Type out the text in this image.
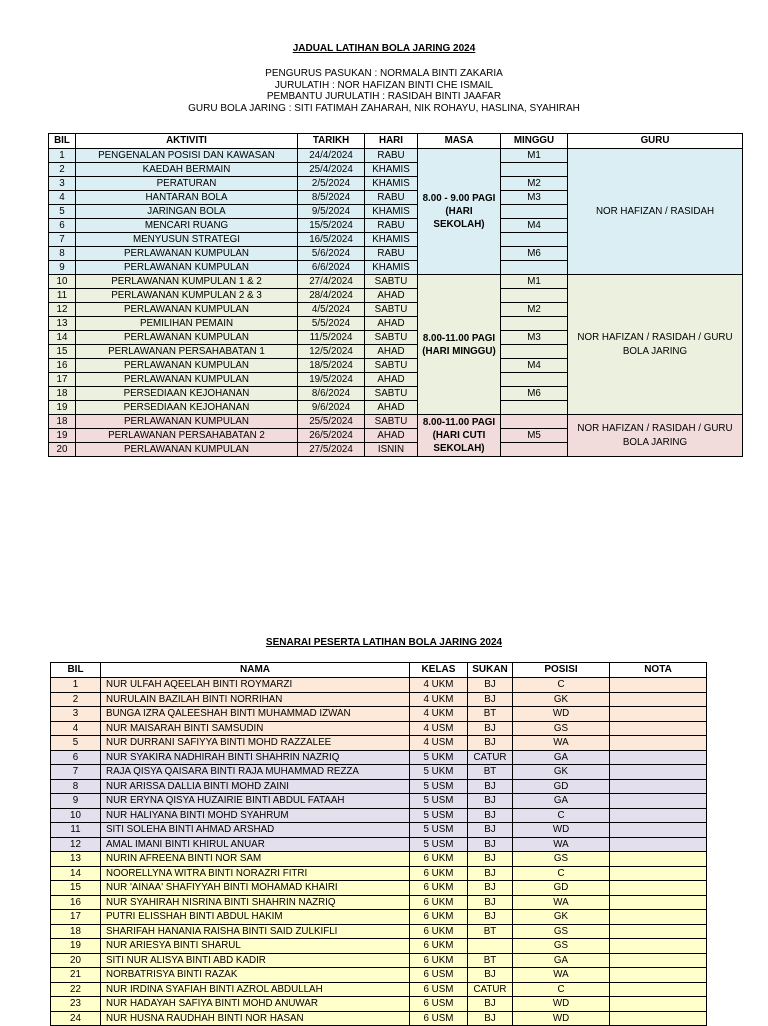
JADUAL LATIHAN BOLA JARING 2024
PENGURUS PASUKAN : NORMALA BINTI ZAKARIA
JURULATIH : NOR HAFIZAN BINTI CHE ISMAIL
PEMBANTU JURULATIH : RASIDAH BINTI JAAFAR
GURU BOLA JARING : SITI FATIMAH ZAHARAH, NIK ROHAYU, HASLINA, SYAHIRAH
BIL	AKTIVITI	TARIKH	HARI	MASA	MINGGU	GURU
1	PENGENALAN POSISI DAN KAWASAN	24/4/2024	RABU	8.00 - 9.00 PAGI (HARI SEKOLAH)	M1	NOR HAFIZAN / RASIDAH
2	KAEDAH BERMAIN	25/4/2024	KHAMIS			
3	PERATURAN	2/5/2024	KHAMIS		M2	
4	HANTARAN BOLA	8/5/2024	RABU		M3	
5	JARINGAN BOLA	9/5/2024	KHAMIS			
6	MENCARI RUANG	15/5/2024	RABU		M4	
7	MENYUSUN STRATEGI	16/5/2024	KHAMIS			
8	PERLAWANAN KUMPULAN	5/6/2024	RABU		M6	
9	PERLAWANAN KUMPULAN	6/6/2024	KHAMIS			
10	PERLAWANAN KUMPULAN 1 & 2	27/4/2024	SABTU	8.00-11.00 PAGI (HARI MINGGU)	M1	NOR HAFIZAN / RASIDAH / GURU BOLA JARING
11	PERLAWANAN KUMPULAN 2 & 3	28/4/2024	AHAD			
12	PERLAWANAN KUMPULAN	4/5/2024	SABTU		M2	
13	PEMILIHAN PEMAIN	5/5/2024	AHAD			
14	PERLAWANAN KUMPULAN	11/5/2024	SABTU		M3	
15	PERLAWANAN PERSAHABATAN 1	12/5/2024	AHAD			
16	PERLAWANAN KUMPULAN	18/5/2024	SABTU		M4	
17	PERLAWANAN KUMPULAN	19/5/2024	AHAD			
18	PERSEDIAAN KEJOHANAN	8/6/2024	SABTU		M6	
19	PERSEDIAAN KEJOHANAN	9/6/2024	AHAD			
18	PERLAWANAN KUMPULAN	25/5/2024	SABTU	8.00-11.00 PAGI (HARI CUTI SEKOLAH)		NOR HAFIZAN / RASIDAH / GURU BOLA JARING
19	PERLAWANAN PERSAHABATAN 2	26/5/2024	AHAD		M5	
20	PERLAWANAN KUMPULAN	27/5/2024	ISNIN			
SENARAI PESERTA LATIHAN BOLA JARING 2024
BIL	NAMA	KELAS	SUKAN	POSISI	NOTA
1	NUR ULFAH AQEELAH BINTI ROYMARZI	4 UKM	BJ	C	
2	NURULAIN BAZILAH BINTI NORRIHAN	4 UKM	BJ	GK	
3	BUNGA IZRA QALEESHAH BINTI MUHAMMAD IZWAN	4 UKM	BT	WD	
4	NUR MAISARAH BINTI SAMSUDIN	4 USM	BJ	GS	
5	NUR DURRANI SAFIYYA BINTI MOHD RAZZALEE	4 USM	BJ	WA	
6	NUR SYAKIRA NADHIRAH BINTI SHAHRIN NAZRIQ	5 UKM	CATUR	GA	
7	RAJA QISYA QAISARA BINTI RAJA MUHAMMAD REZZA	5 UKM	BT	GK	
8	NUR ARISSA DALLIA BINTI MOHD ZAINI	5 USM	BJ	GD	
9	NUR ERYNA QISYA HUZAIRIE BINTI ABDUL FATAAH	5 USM	BJ	GA	
10	NUR HALIYANA BINTI MOHD SYAHRUM	5 USM	BJ	C	
11	SITI SOLEHA BINTI AHMAD ARSHAD	5 USM	BJ	WD	
12	AMAL IMANI BINTI KHIRUL ANUAR	5 USM	BJ	WA	
13	NURIN AFREENA BINTI NOR SAM	6 UKM	BJ	GS	
14	NOORELLYNA WITRA BINTI NORAZRI FITRI	6 UKM	BJ	C	
15	NUR 'AINAA' SHAFIYYAH BINTI MOHAMAD KHAIRI	6 UKM	BJ	GD	
16	NUR SYAHIRAH NISRINA BINTI SHAHRIN NAZRIQ	6 UKM	BJ	WA	
17	PUTRI ELISSHAH BINTI ABDUL HAKIM	6 UKM	BJ	GK	
18	SHARIFAH HANANIA RAISHA BINTI SAID ZULKIFLI	6 UKM	BT	GS	
19	NUR ARIESYA BINTI SHARUL	6 UKM		GS	
20	SITI NUR ALISYA BINTI ABD KADIR	6 UKM	BT	GA	
21	NORBATRISYA BINTI RAZAK	6 USM	BJ	WA	
22	NUR IRDINA SYAFIAH BINTI AZROL ABDULLAH	6 USM	CATUR	C	
23	NUR HADAYAH SAFIYA BINTI MOHD ANUWAR	6 USM	BJ	WD	
24	NUR HUSNA RAUDHAH BINTI NOR HASAN	6 USM	BJ	WD	
